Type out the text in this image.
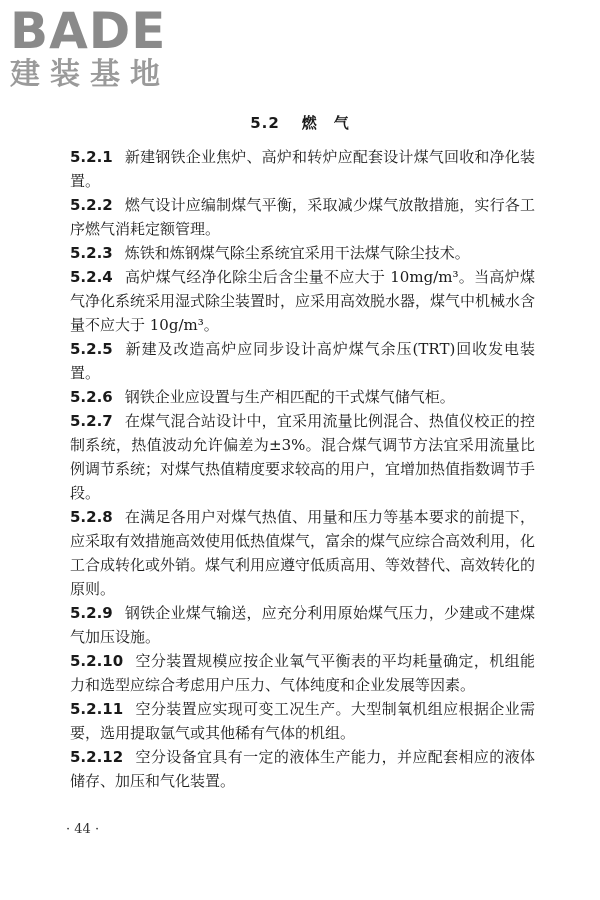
BADE
建装基地
5.2 燃　气

5.2.1 新建钢铁企业焦炉、高炉和转炉应配套设计煤气回收和净化装置。

5.2.2 燃气设计应编制煤气平衡，采取减少煤气放散措施，实行各工序燃气消耗定额管理。

5.2.3 炼铁和炼钢煤气除尘系统宜采用干法煤气除尘技术。

5.2.4 高炉煤气经净化除尘后含尘量不应大于 10mg/m³。当高炉煤气净化系统采用湿式除尘装置时，应采用高效脱水器，煤气中机械水含量不应大于 10g/m³。

5.2.5 新建及改造高炉应同步设计高炉煤气余压(TRT)回收发电装置。

5.2.6 钢铁企业应设置与生产相匹配的干式煤气储气柜。

5.2.7 在煤气混合站设计中，宜采用流量比例混合、热值仪校正的控制系统，热值波动允许偏差为±3%。混合煤气调节方法宜采用流量比例调节系统；对煤气热值精度要求较高的用户，宜增加热值指数调节手段。

5.2.8 在满足各用户对煤气热值、用量和压力等基本要求的前提下，应采取有效措施高效使用低热值煤气，富余的煤气应综合高效利用，化工合成转化或外销。煤气利用应遵守低质高用、等效替代、高效转化的原则。

5.2.9 钢铁企业煤气输送，应充分利用原始煤气压力，少建或不建煤气加压设施。

5.2.10 空分装置规模应按企业氧气平衡表的平均耗量确定，机组能力和选型应综合考虑用户压力、气体纯度和企业发展等因素。

5.2.11 空分装置应实现可变工况生产。大型制氧机组应根据企业需要，选用提取氩气或其他稀有气体的机组。

5.2.12 空分设备宜具有一定的液体生产能力，并应配套相应的液体储存、加压和气化装置。

· 44 ·
